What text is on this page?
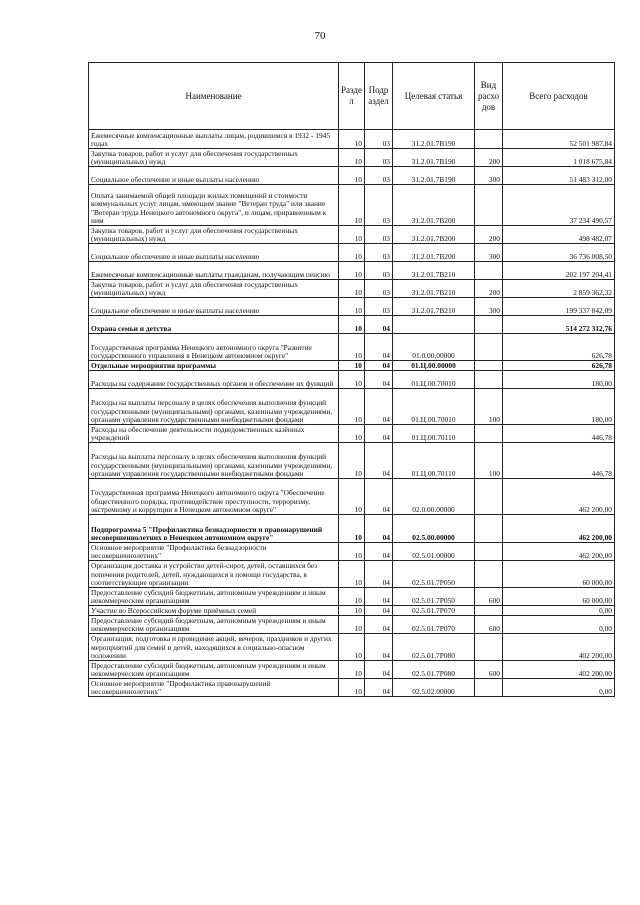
70
Наименование	Разде л	Подр аздел	Целевая статья	Вид расхо дов	Всего расходов
Ежемесячные компенсационные выплаты лицам, родившимся в 1932 - 1945 годах	10	03	31.2.01.7В190		52 501 987,84
Закупка товаров, работ и услуг для обеспечения государственных (муниципальных) нужд	10	03	31.2.01.7В190	200	1 018 675,84
Социальное обеспечение и иные выплаты населению	10	03	31.2.01.7В190	300	51 483 312,00
Оплата занимаемой общей площади жилых помещений и стоимости коммунальных услуг лицам, имеющим звание "Ветеран труда" или звание "Ветеран труда Ненецкого автономного округа", и лицам, приравненным к ним	10	03	31.2.01.7В200		37 234 490,57
Закупка товаров, работ и услуг для обеспечения государственных (муниципальных) нужд	10	03	31.2.01.7В200	200	498 482,07
Социальное обеспечение и иные выплаты населению	10	03	31.2.01.7В200	300	36 736 008,50
Ежемесячные компенсационные выплаты гражданам, получающим пенсию	10	03	31.2.01.7В210		202 197 204,41
Закупка товаров, работ и услуг для обеспечения государственных (муниципальных) нужд	10	03	31.2.01.7В210	200	2 859 362,32
Социальное обеспечение и иные выплаты населению	10	03	31.2.01.7В210	300	199 337 842,09
Охрана семьи и детства	10	04			514 272 312,76
Государственная программа Ненецкого автономного округа "Развитие государственного управления в Ненецком автономном округе"	10	04	01.0.00.00000		626,78
Отдельные мероприятия программы	10	04	01.Ц.00.00000		626,78
Расходы на содержание государственных органов и обеспечение их функций	10	04	01.Ц.00.70010		180,00
Расходы на выплаты персоналу в целях обеспечения выполнения функций государственными (муниципальными) органами, казенными учреждениями, органами управления государственными внебюджетными фондами	10	04	01.Ц.00.70010	100	180,00
Расходы на обеспечение деятельности подведомственных казённых учреждений	10	04	01.Ц.00.70110		446,78
Расходы на выплаты персоналу в целях обеспечения выполнения функций государственными (муниципальными) органами, казенными учреждениями, органами управления государственными внебюджетными фондами	10	04	01.Ц.00.70110	100	446,78
Государственная программа Ненецкого автономного округа "Обеспечение общественного порядка, противодействие преступности, терроризму, экстремизму и коррупции в Ненецком автономном округе"	10	04	02.0.00.00000		462 200,00
Подпрограмма 5 "Профилактика безнадзорности и правонарушений несовершеннолетних в Ненецком автономном округе"	10	04	02.5.00.00000		462 200,00
Основное мероприятие "Профилактика безнадзорности несовершеннолетних"	10	04	02.5.01.00000		462 200,00
Организация доставка и устройство детей-сирот, детей, оставшихся без попечения родителей, детей, нуждающихся в помощи государства, в соответствующие организации	10	04	02.5.01.7Р050		60 000,00
Предоставление субсидий бюджетным, автономным учреждениям и иным некоммерческим организациям	10	04	02.5.01.7Р050	600	60 000,00
Участие во Всероссийском форуме приёмных семей	10	04	02.5.01.7Р070		0,00
Предоставление субсидий бюджетным, автономным учреждениям и иным некоммерческим организациям	10	04	02.5.01.7Р070	600	0,00
Организация, подготовка и проведение акций, вечеров, праздников и других мероприятий для семей и детей, находящихся в социально-опасном положении	10	04	02.5.01.7Р080		402 200,00
Предоставление субсидий бюджетным, автономным учреждениям и иным некоммерческим организациям	10	04	02.5.01.7Р080	600	402 200,00
Основное мероприятие "Профилактика правонарушений несовершеннолетних"	10	04	02.5.02.00000		0,00
